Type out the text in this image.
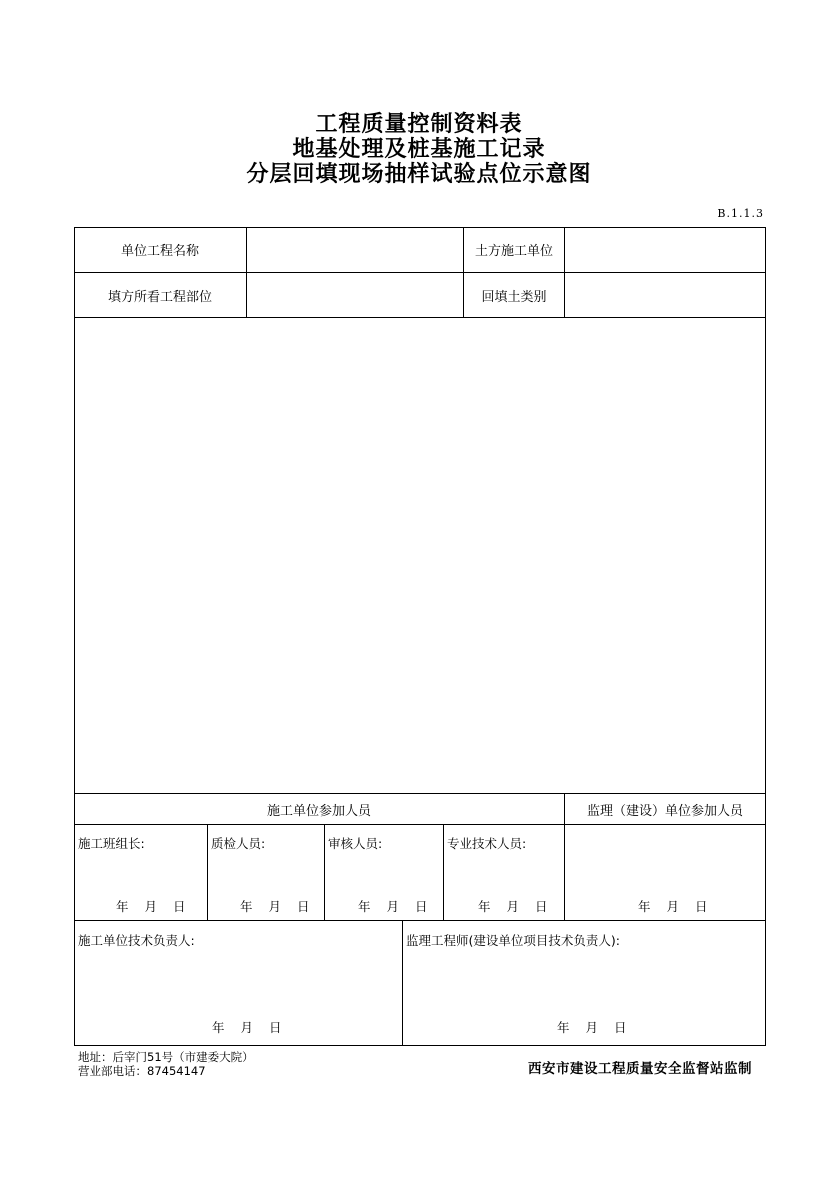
工程质量控制资料表
地基处理及桩基施工记录
分层回填现场抽样试验点位示意图
B.1.1.3
单位工程名称	土方施工单位
填方所看工程部位	回填土类别
施工单位参加人员	监理（建设）单位参加人员
施工班组长:	质检人员:	审核人员:	专业技术人员:
年 月 日	年 月 日	年 月 日	年 月 日	年 月 日
施工单位技术负责人:	监理工程师(建设单位项目技术负责人):
年 月 日	年 月 日
地址：后宰门51号（市建委大院）
营业部电话：87454147	西安市建设工程质量安全监督站监制
